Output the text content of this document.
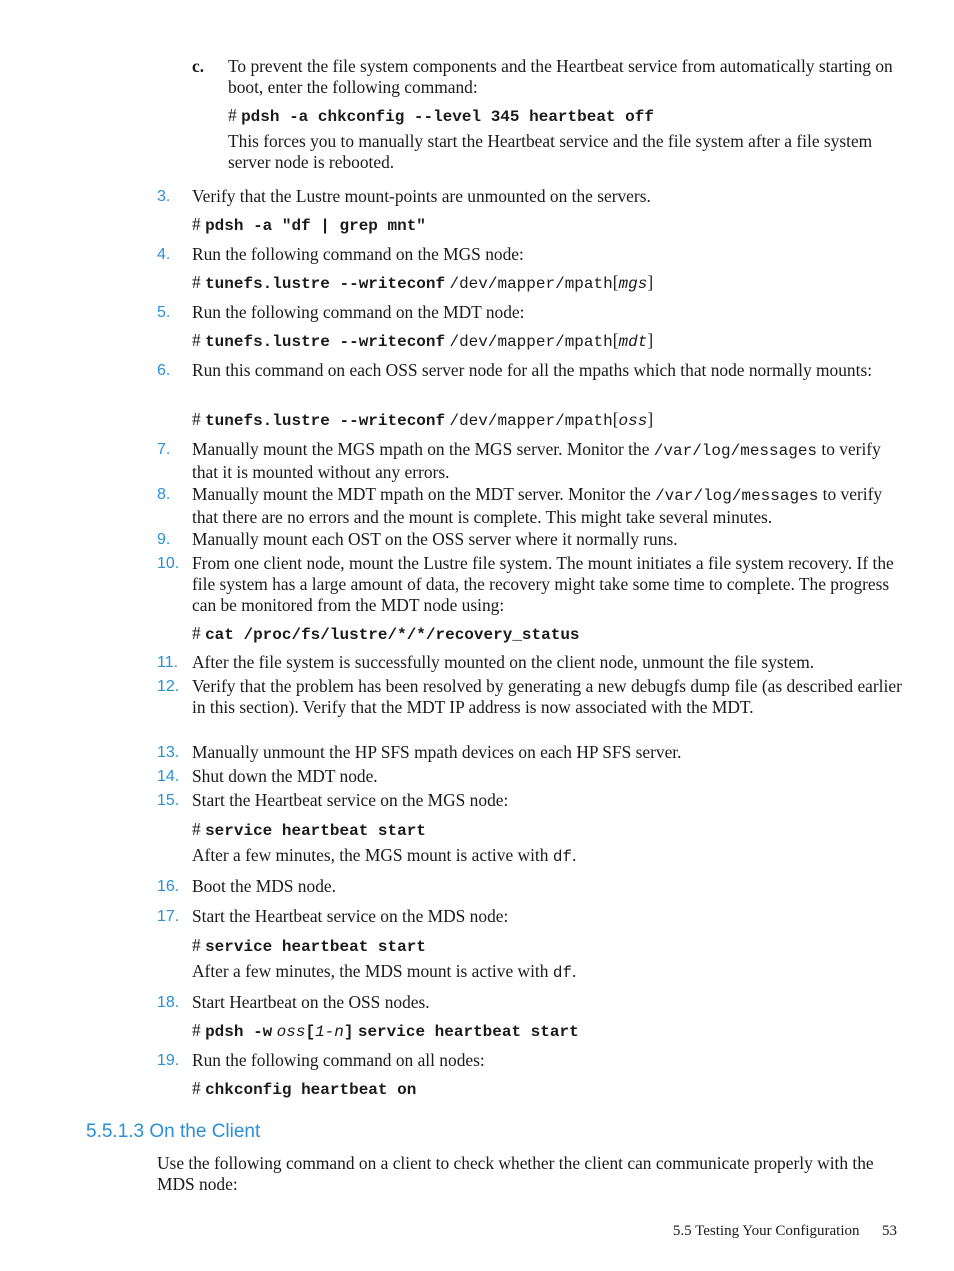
c. To prevent the file system components and the Heartbeat service from automatically starting on boot, enter the following command:
# pdsh -a chkconfig --level 345 heartbeat off
This forces you to manually start the Heartbeat service and the file system after a file system server node is rebooted.
3.	Verify that the Lustre mount-points are unmounted on the servers.
# pdsh -a "df | grep mnt"
4.	Run the following command on the MGS node:
# tunefs.lustre --writeconf /dev/mapper/mpath[mgs]
5.	Run the following command on the MDT node:
# tunefs.lustre --writeconf /dev/mapper/mpath[mdt]
6.	Run this command on each OSS server node for all the mpaths which that node normally mounts:
# tunefs.lustre --writeconf /dev/mapper/mpath[oss]
7.	Manually mount the MGS mpath on the MGS server. Monitor the /var/log/messages to verify that it is mounted without any errors.
8.	Manually mount the MDT mpath on the MDT server. Monitor the /var/log/messages to verify that there are no errors and the mount is complete. This might take several minutes.
9.	Manually mount each OST on the OSS server where it normally runs.
10. From one client node, mount the Lustre file system. The mount initiates a file system recovery. If the file system has a large amount of data, the recovery might take some time to complete. The progress can be monitored from the MDT node using:
# cat /proc/fs/lustre/*/*/recovery_status
11. After the file system is successfully mounted on the client node, unmount the file system.
12. Verify that the problem has been resolved by generating a new debugfs dump file (as described earlier in this section). Verify that the MDT IP address is now associated with the MDT.
13. Manually unmount the HP SFS mpath devices on each HP SFS server.
14. Shut down the MDT node.
15. Start the Heartbeat service on the MGS node:
# service heartbeat start
After a few minutes, the MGS mount is active with df.
16. Boot the MDS node.
17. Start the Heartbeat service on the MDS node:
# service heartbeat start
After a few minutes, the MDS mount is active with df.
18. Start Heartbeat on the OSS nodes.
# pdsh -w oss[1-n] service heartbeat start
19. Run the following command on all nodes:
# chkconfig heartbeat on
5.5.1.3 On the Client
Use the following command on a client to check whether the client can communicate properly with the MDS node:
5.5 Testing Your Configuration 53
